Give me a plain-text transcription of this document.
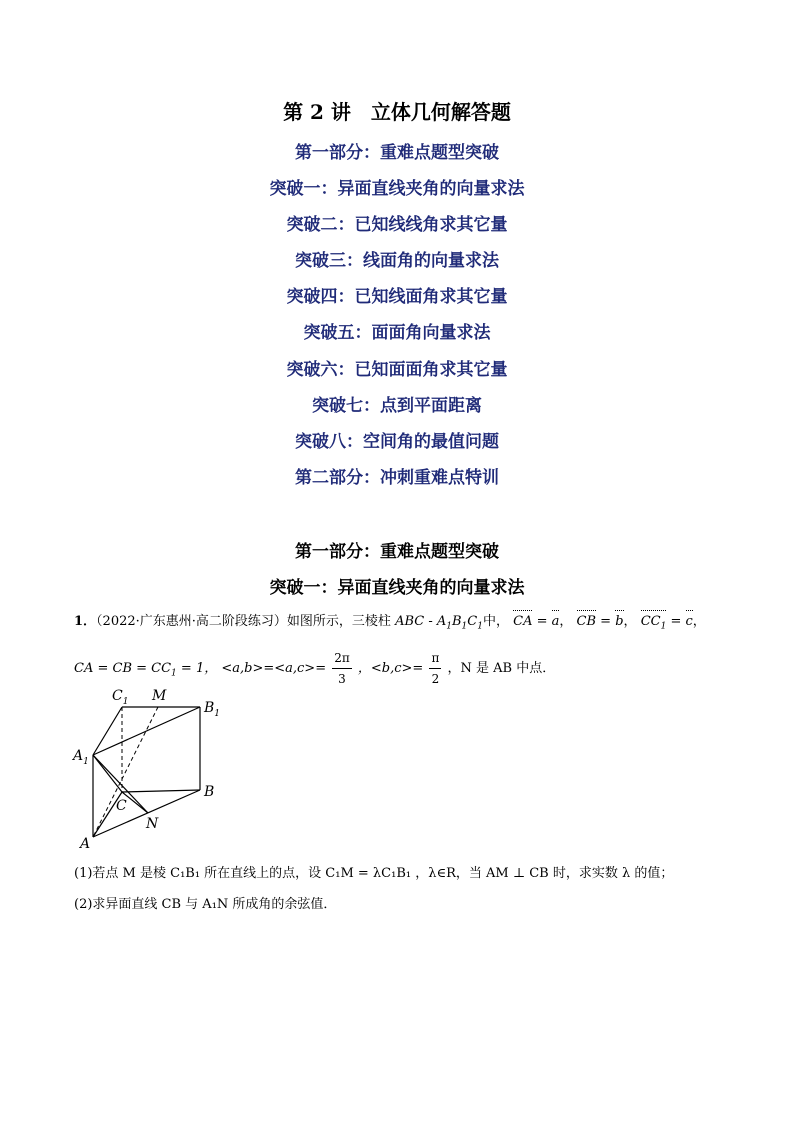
第 2 讲　立体几何解答题
第一部分：重难点题型突破
突破一：异面直线夹角的向量求法
突破二：已知线线角求其它量
突破三：线面角的向量求法
突破四：已知线面角求其它量
突破五：面面角向量求法
突破六：已知面面角求其它量
突破七：点到平面距离
突破八：空间角的最值问题
第二部分：冲刺重难点特训
第一部分：重难点题型突破
突破一：异面直线夹角的向量求法
1．（2022·广东惠州·高二阶段练习）如图所示，三棱柱 ABC - $A_1B_1C_1$中， CA = a， CB = b， $CC_1 = c$，
CA = CB = $CC_1 = 1$， $<a,b>=<a,c>= \frac{2\pi}{3}$ ，$<b,c>= \frac{\pi}{2}$ ，N 是 AB 中点．
$C_1$ M
$B_1$
$A_1$
C
B
N
A
(1)若点 M 是棱 C₁B₁ 所在直线上的点，设 C₁M = λC₁B₁ ，λ∈R，当 AM ⊥ CB 时，求实数 λ 的值；
(2)求异面直线 CB 与 A₁N 所成角的余弦值．
